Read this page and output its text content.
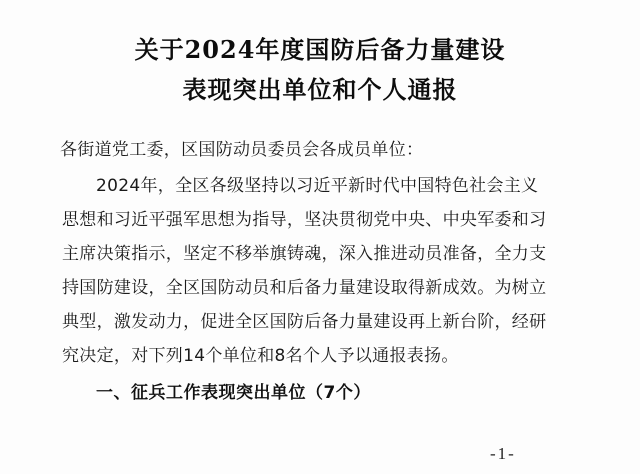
关于2024年度国防后备力量建设
表现突出单位和个人通报
各街道党工委，区国防动员委员会各成员单位：
2024年，全区各级坚持以习近平新时代中国特色社会主义
思想和习近平强军思想为指导，坚决贯彻党中央、中央军委和习
主席决策指示，坚定不移举旗铸魂，深入推进动员准备，全力支
持国防建设，全区国防动员和后备力量建设取得新成效。为树立
典型，激发动力，促进全区国防后备力量建设再上新台阶，经研
究决定，对下列14个单位和8名个人予以通报表扬。
一、征兵工作表现突出单位（7个）
-1-
